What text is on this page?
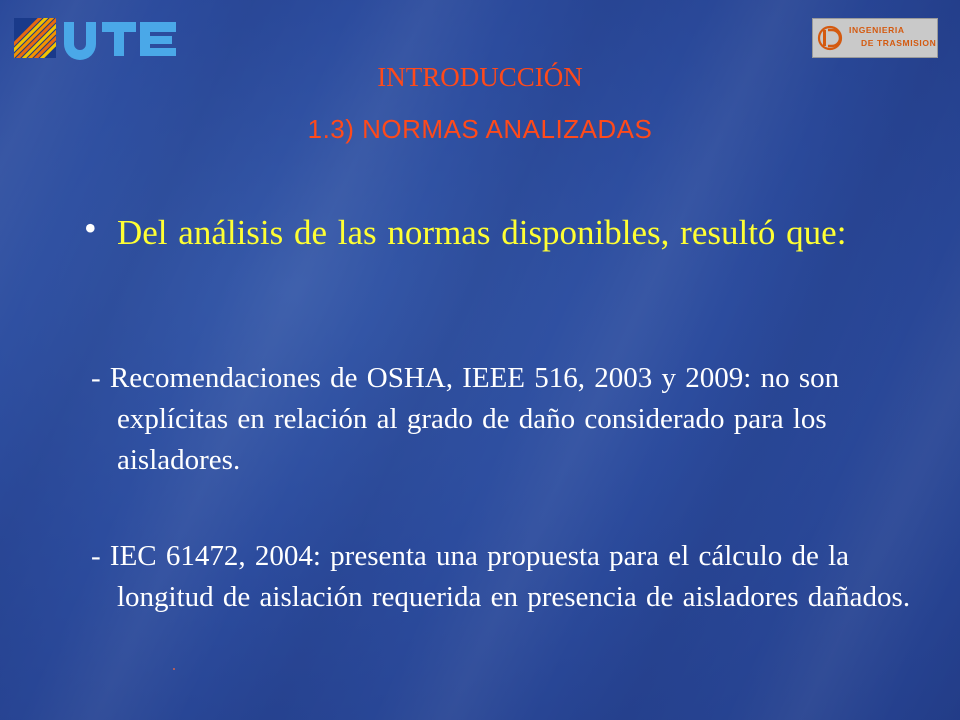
INGENIERIA
DE TRASMISION
INTRODUCCIÓN
1.3) NORMAS ANALIZADAS
• Del análisis de las normas disponibles, resultó que:
- Recomendaciones de OSHA, IEEE 516, 2003 y 2009: no son explícitas en relación al grado de daño considerado para los aisladores.
- IEC 61472, 2004: presenta una propuesta para el cálculo de la longitud de aislación requerida en presencia de aisladores dañados.
